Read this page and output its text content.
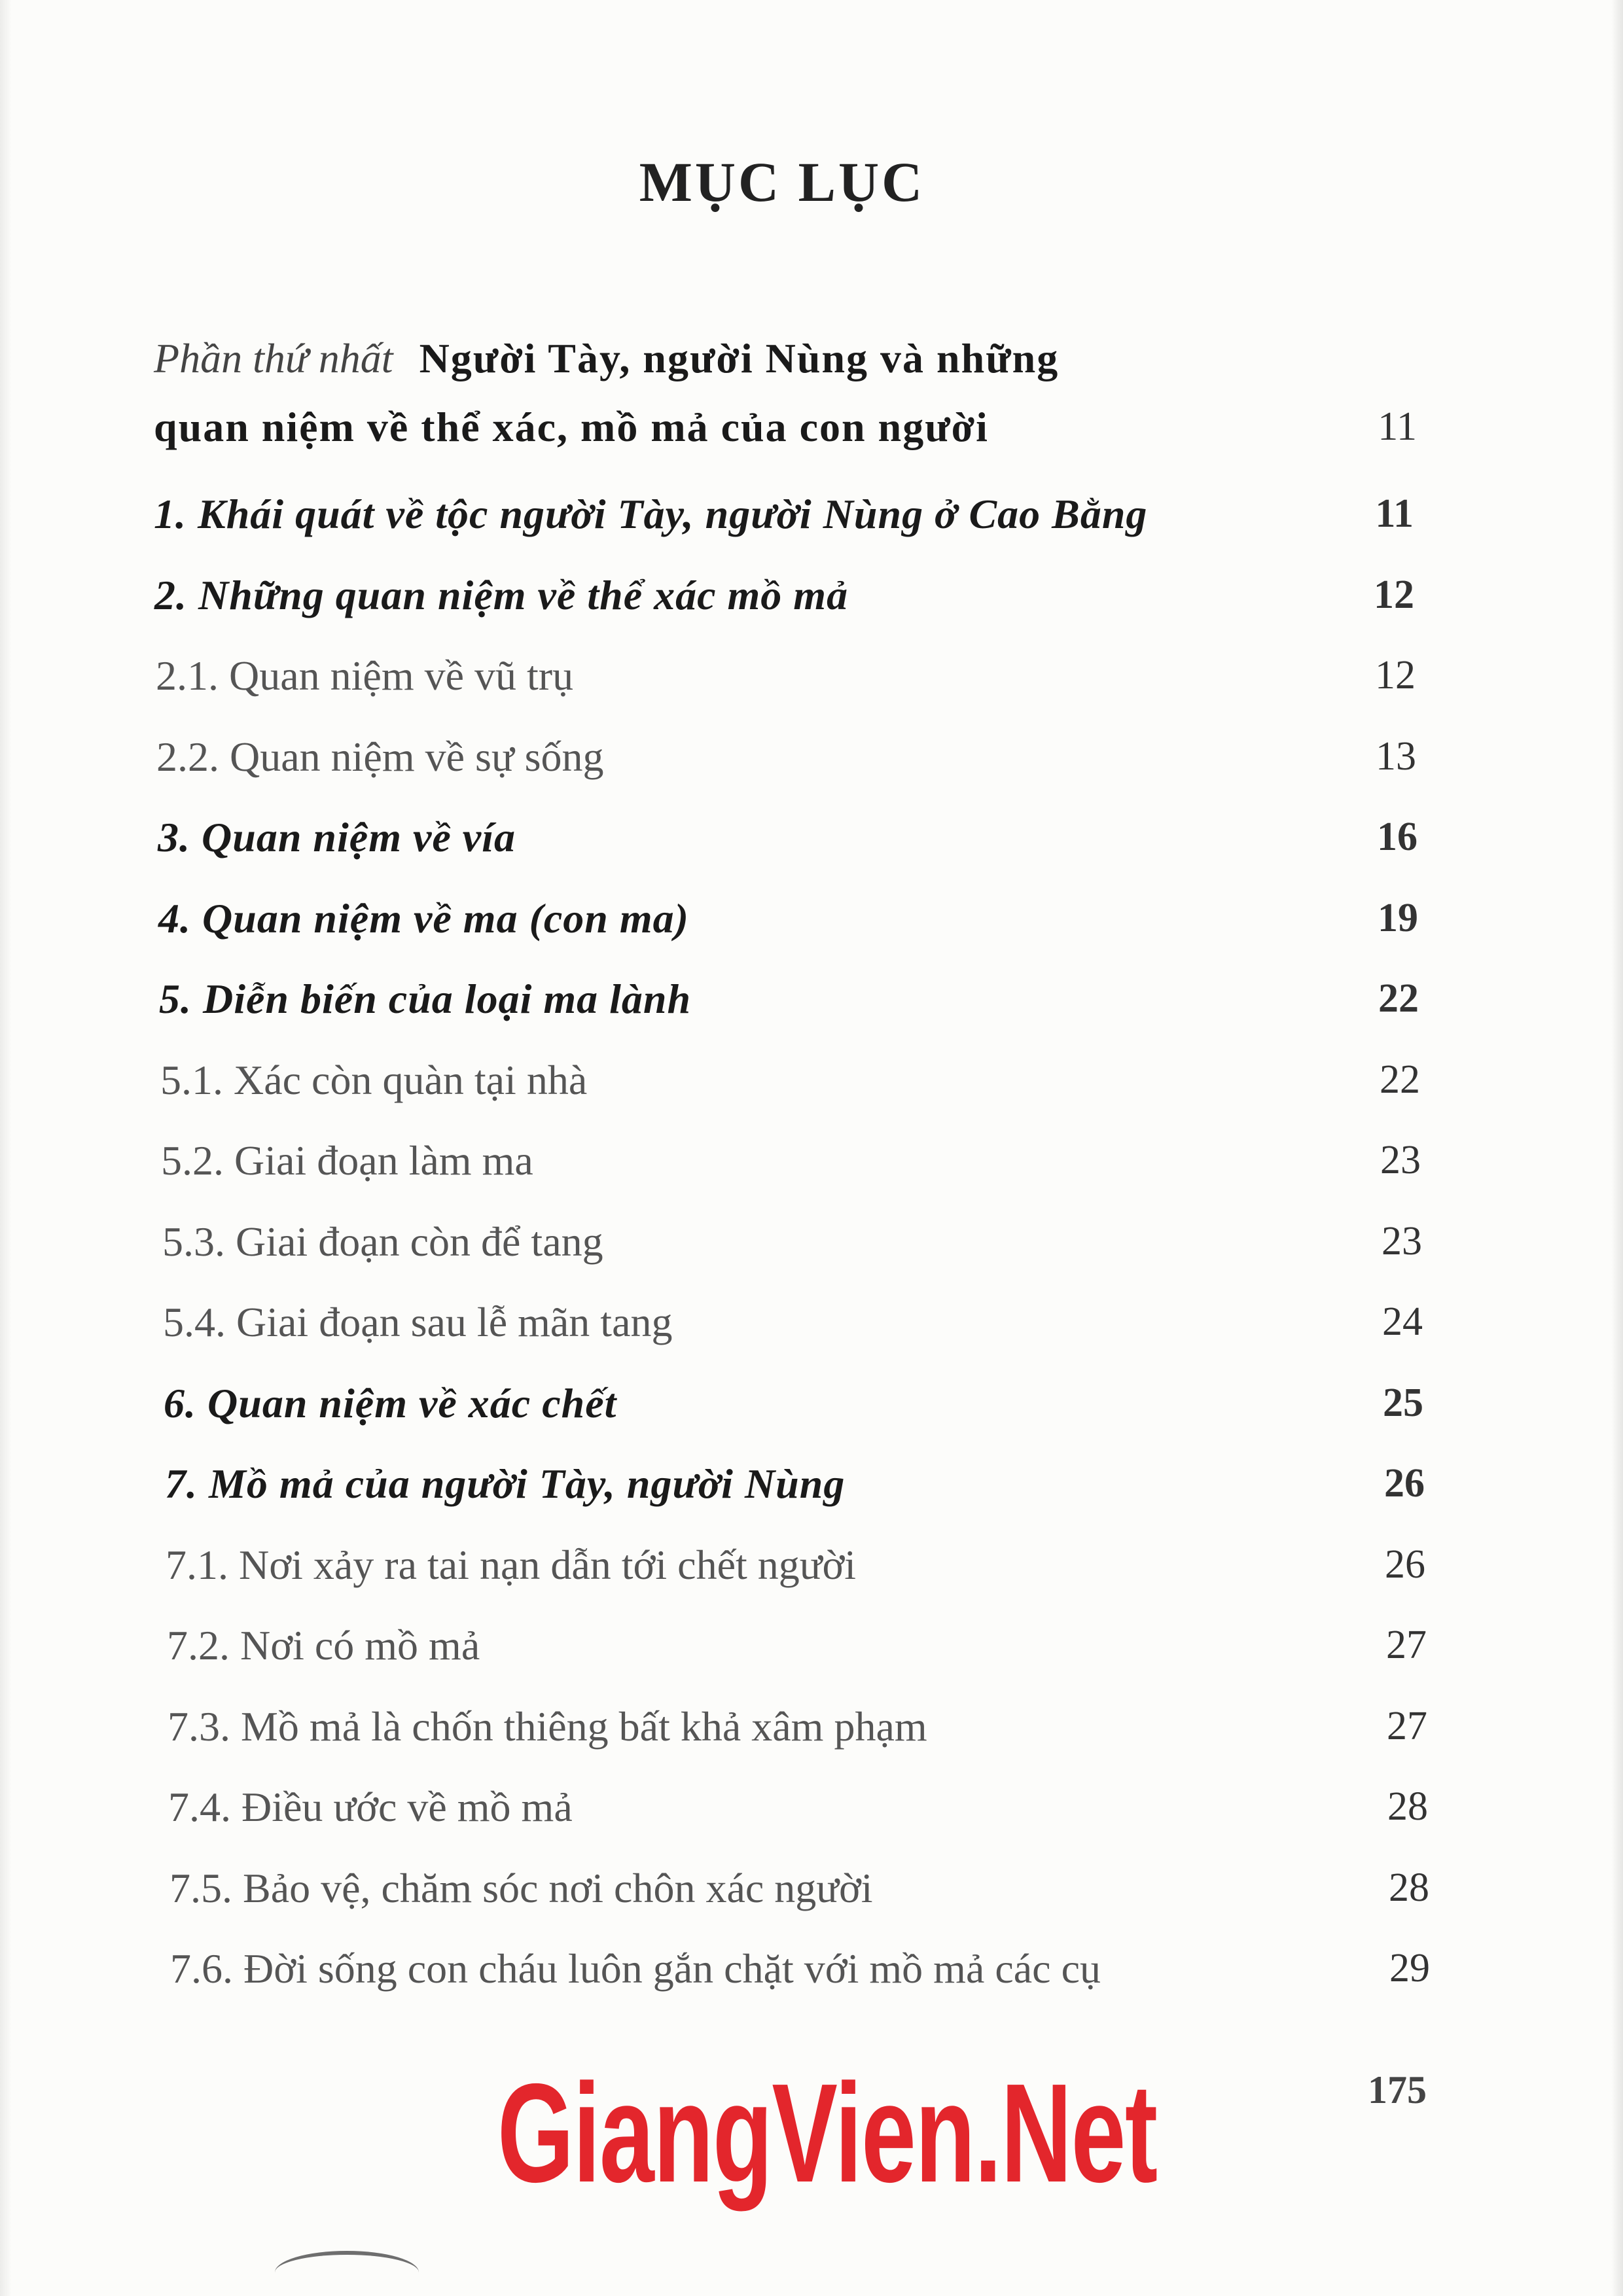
MỤC LỤC
Phần thứ nhất Người Tày, người Nùng và những
quan niệm về thể xác, mồ mả của con người	11
1. Khái quát về tộc người Tày, người Nùng ở Cao Bằng	11
2. Những quan niệm về thể xác mồ mả	12
2.1. Quan niệm về vũ trụ	12
2.2. Quan niệm về sự sống	13
3. Quan niệm về vía	16
4. Quan niệm về ma (con ma)	19
5. Diễn biến của loại ma lành	22
5.1. Xác còn quàn tại nhà	22
5.2. Giai đoạn làm ma	23
5.3. Giai đoạn còn để tang	23
5.4. Giai đoạn sau lễ mãn tang	24
6. Quan niệm về xác chết	25
7. Mồ mả của người Tày, người Nùng	26
7.1. Nơi xảy ra tai nạn dẫn tới chết người	26
7.2. Nơi có mồ mả	27
7.3. Mồ mả là chốn thiêng bất khả xâm phạm	27
7.4. Điều ước về mồ mả	28
7.5. Bảo vệ, chăm sóc nơi chôn xác người	28
7.6. Đời sống con cháu luôn gắn chặt với mồ mả các cụ	29
175
GiangVien.Net
